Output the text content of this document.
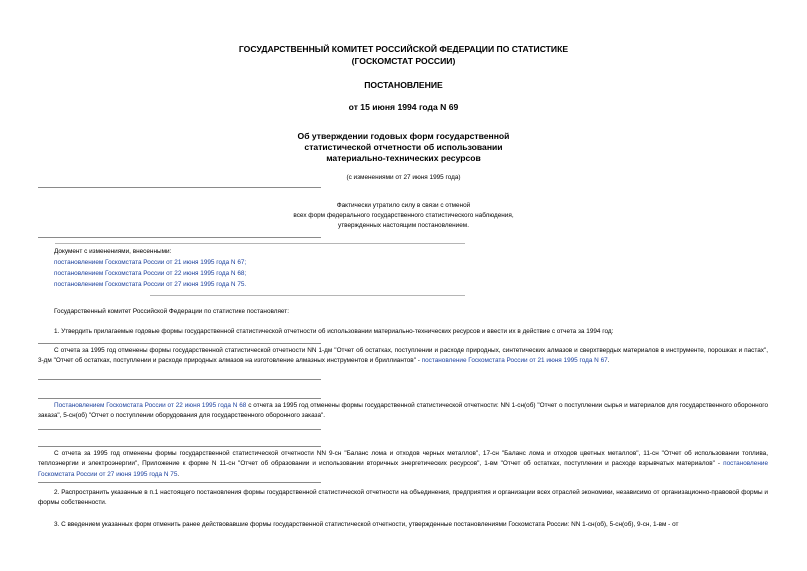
ГОСУДАРСТВЕННЫЙ КОМИТЕТ РОССИЙСКОЙ ФЕДЕРАЦИИ ПО СТАТИСТИКЕ
(ГОСКОМСТАТ РОССИИ)
ПОСТАНОВЛЕНИЕ
от 15 июня 1994 года N 69
Об утверждении годовых форм государственной
статистической отчетности об использовании
материально-технических ресурсов
(с изменениями от 27 июня 1995 года)
Фактически утратило силу в связи с отменой
всех форм федерального государственного статистического наблюдения,
утвержденных настоящим постановлением.
Документ с изменениями, внесенными:
постановлением Госкомстата России от 21 июня 1995 года N 67;
постановлением Госкомстата России от 22 июня 1995 года N 68;
постановлением Госкомстата России от 27 июня 1995 года N 75.
Государственный комитет Российской Федерации по статистике постановляет:
1. Утвердить прилагаемые годовые формы государственной статистической отчетности об использовании материально-технических ресурсов и ввести их в действие с отчета за 1994 год:
С отчета за 1995 год отменены формы государственной статистической отчетности NN 1-дм "Отчет об остатках, поступлении и расходе природных, синтетических алмазов и сверхтвердых материалов в инструменте, порошках и пастах", 3-дм "Отчет об остатках, поступлении и расходе природных алмазов на изготовление алмазных инструментов и бриллиантов" - постановление Госкомстата России от 21 июня 1995 года N 67.
Постановлением Госкомстата России от 22 июня 1995 года N 68 с отчета за 1995 год отменены формы государственной статистической отчетности: NN 1-сн(об) "Отчет о поступлении сырья и материалов для государственного оборонного заказа", 5-сн(об) "Отчет о поступлении оборудования для государственного оборонного заказа".
С отчета за 1995 год отменены формы государственной статистической отчетности NN 9-сн "Баланс лома и отходов черных металлов", 17-сн "Баланс лома и отходов цветных металлов", 11-сн "Отчет об использовании топлива, теплоэнергии и электроэнергии", Приложение к форме N 11-сн "Отчет об образовании и использовании вторичных энергетических ресурсов", 1-вм "Отчет об остатках, поступлении и расходе взрывчатых материалов" - постановление Госкомстата России от 27 июня 1995 года N 75.
2. Распространить указанные в п.1 настоящего постановления формы государственной статистической отчетности на объединения, предприятия и организации всех отраслей экономики, независимо от организационно-правовой формы и формы собственности.
3. С введением указанных форм отменить ранее действовавшие формы государственной статистической отчетности, утвержденные постановлениями Госкомстата России: NN 1-сн(об), 5-сн(об), 9-сн, 1-вм - от
